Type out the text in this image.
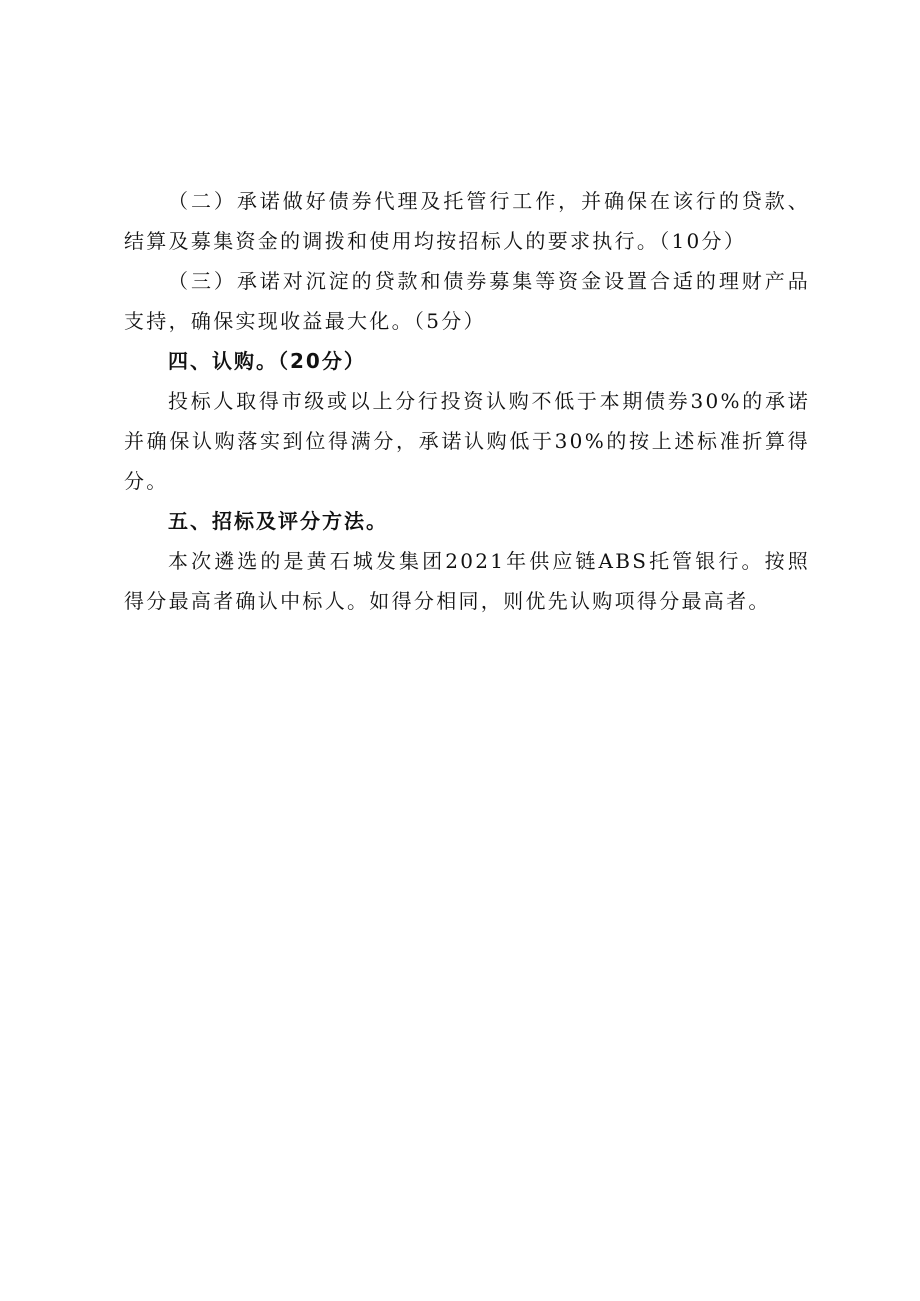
（二）承诺做好债券代理及托管行工作，并确保在该行的贷款、结算及募集资金的调拨和使用均按招标人的要求执行。（10分）

（三）承诺对沉淀的贷款和债券募集等资金设置合适的理财产品支持，确保实现收益最大化。（5分）

四、认购。（20分）

投标人取得市级或以上分行投资认购不低于本期债券30%的承诺并确保认购落实到位得满分，承诺认购低于30%的按上述标准折算得分。

五、招标及评分方法。

本次遴选的是黄石城发集团2021年供应链ABS托管银行。按照得分最高者确认中标人。如得分相同，则优先认购项得分最高者。
